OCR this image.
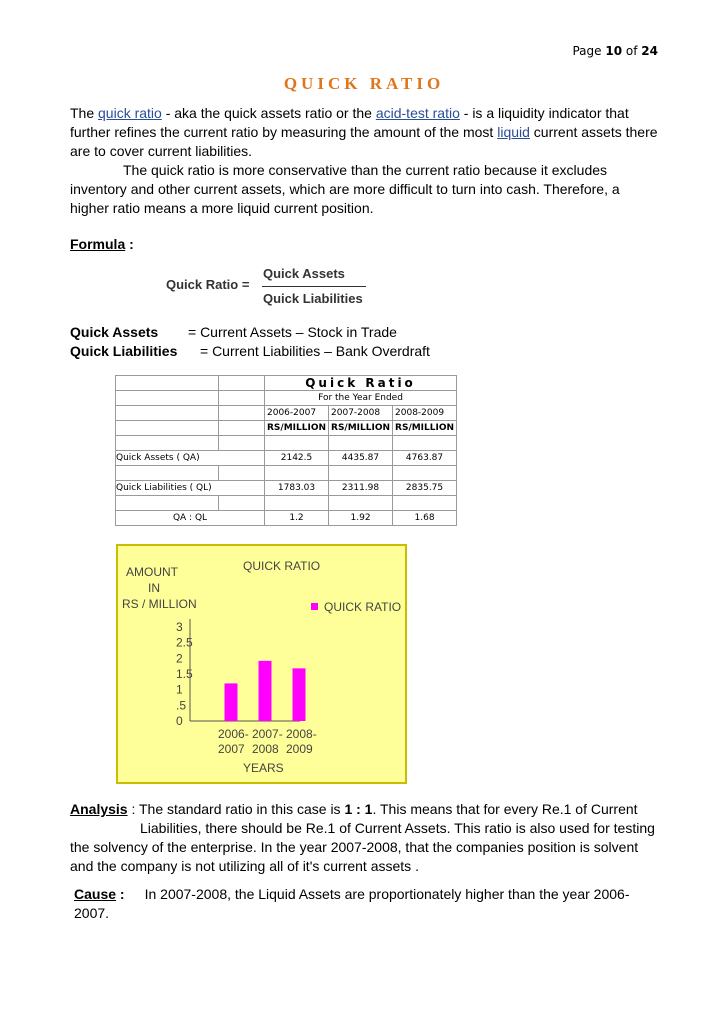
Page 10 of 24
QUICK RATIO
The quick ratio - aka the quick assets ratio or the acid-test ratio - is a liquidity indicator that further refines the current ratio by measuring the amount of the most liquid current assets there are to cover current liabilities.
The quick ratio is more conservative than the current ratio because it excludes inventory and other current assets, which are more difficult to turn into cash. Therefore, a higher ratio means a more liquid current position.
Formula :
Quick Ratio =
Quick Assets
Quick Liabilities
Quick Assets = Current Assets – Stock in Trade
Quick Liabilities = Current Liabilities – Bank Overdraft
		Quick Ratio		
		For the Year Ended		
		2006-2007	2007-2008	2008-2009
		RS/MILLION	RS/MILLION	RS/MILLION

Quick Assets ( QA)		2142.5	4435.87	4763.87

Quick Liabilities ( QL)		1783.03	2311.98	2835.75

QA : QL		1.2	1.92	1.68
QUICK RATIO
AMOUNT
IN
RS / MILLION	QUICK RATIO
3
2.5
2
1.5
1
.5
0
2006-
2007
2007-
2008
2008-
2009
YEARS
Analysis : The standard ratio in this case is 1 : 1. This means that for every Re.1 of Current
Liabilities, there should be Re.1 of Current Assets. This ratio is also used for testing
the solvency of the enterprise. In the year 2007-2008, that the companies position is solvent and the company is not utilizing all of it's current assets .
Cause : In 2007-2008, the Liquid Assets are proportionately higher than the year 2006-2007.
